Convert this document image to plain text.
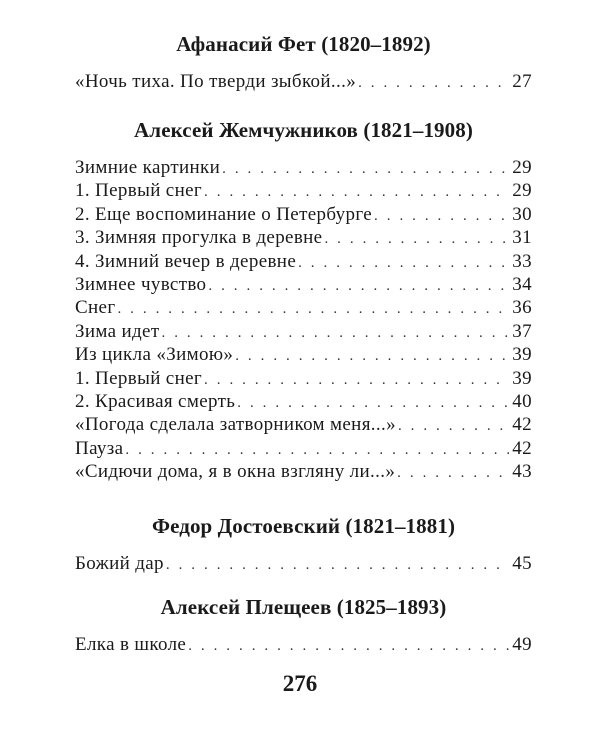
Афанасий Фет (1820–1892)
«Ночь тиха. По тверди зыбкой...» . .	27
Алексей Жемчужников (1821–1908)
Зимние картинки . . .	29
1. Первый снег . . .	29
2. Еще воспоминание о Петербурге . . .	30
3. Зимняя прогулка в деревне . . .	31
4. Зимний вечер в деревне . . .	33
Зимнее чувство . . .	34
Снег . . .	36
Зима идет . . .	37
Из цикла «Зимою» . . .	39
1. Первый снег . . .	39
2. Красивая смерть . . .	40
«Погода сделала затворником меня...» . . .	42
Пауза . . .	42
«Сидючи дома, я в окна взгляну ли...» . . .	43
Федор Достоевский (1821–1881)
Божий дар . .	45
Алексей Плещеев (1825–1893)
Елка в школе . .	49
276
